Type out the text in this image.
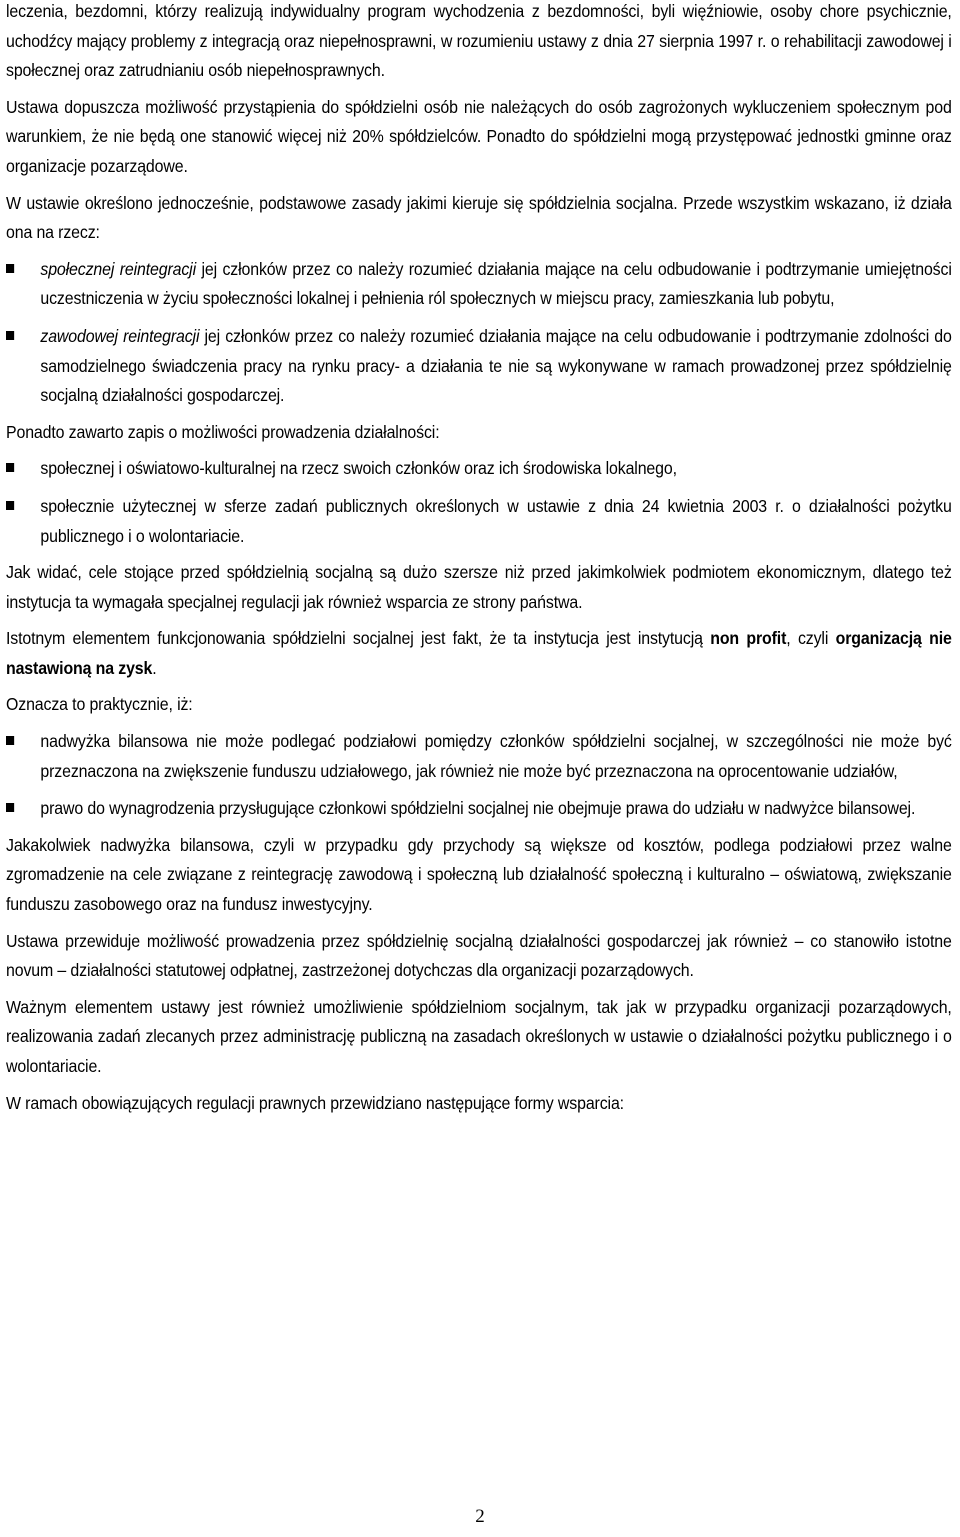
leczenia, bezdomni, którzy realizują indywidualny program wychodzenia z bezdomności, byli więźniowie, osoby chore psychicznie, uchodźcy mający problemy z integracją oraz niepełnosprawni, w rozumieniu ustawy z dnia 27 sierpnia 1997 r. o rehabilitacji zawodowej i społecznej oraz zatrudnianiu osób niepełnosprawnych.

Ustawa dopuszcza możliwość przystąpienia do spółdzielni osób nie należących do osób zagrożonych wykluczeniem społecznym pod warunkiem, że nie będą one stanowić więcej niż 20% spółdzielców. Ponadto do spółdzielni mogą przystępować jednostki gminne oraz organizacje pozarządowe.

W ustawie określono jednocześnie, podstawowe zasady jakimi kieruje się spółdzielnia socjalna. Przede wszystkim wskazano, iż działa ona na rzecz:

społecznej reintegracji jej członków przez co należy rozumieć działania mające na celu odbudowanie i podtrzymanie umiejętności uczestniczenia w życiu społeczności lokalnej i pełnienia ról społecznych w miejscu pracy, zamieszkania lub pobytu,
zawodowej reintegracji jej członków przez co należy rozumieć działania mające na celu odbudowanie i podtrzymanie zdolności do samodzielnego świadczenia pracy na rynku pracy- a działania te nie są wykonywane w ramach prowadzonej przez spółdzielnię socjalną działalności gospodarczej.

Ponadto zawarto zapis o możliwości prowadzenia działalności:

społecznej i oświatowo-kulturalnej na rzecz swoich członków oraz ich środowiska lokalnego,
społecznie użytecznej w sferze zadań publicznych określonych w ustawie z dnia 24 kwietnia 2003 r. o działalności pożytku publicznego i o wolontariacie.

Jak widać, cele stojące przed spółdzielnią socjalną są dużo szersze niż przed jakimkolwiek podmiotem ekonomicznym, dlatego też instytucja ta wymagała specjalnej regulacji jak również wsparcia ze strony państwa.

Istotnym elementem funkcjonowania spółdzielni socjalnej jest fakt, że ta instytucja jest instytucją non profit, czyli organizacją nie nastawioną na zysk.

Oznacza to praktycznie, iż:

nadwyżka bilansowa nie może podlegać podziałowi pomiędzy członków spółdzielni socjalnej, w szczególności nie może być przeznaczona na zwiększenie funduszu udziałowego, jak również nie może być przeznaczona na oprocentowanie udziałów,
prawo do wynagrodzenia przysługujące członkowi spółdzielni socjalnej nie obejmuje prawa do udziału w nadwyżce bilansowej.

Jakakolwiek nadwyżka bilansowa, czyli w przypadku gdy przychody są większe od kosztów, podlega podziałowi przez walne zgromadzenie na cele związane z reintegrację zawodową i społeczną lub działalność społeczną i kulturalno – oświatową, zwiększanie funduszu zasobowego oraz na fundusz inwestycyjny.

Ustawa przewiduje możliwość prowadzenia przez spółdzielnię socjalną działalności gospodarczej jak również – co stanowiło istotne novum – działalności statutowej odpłatnej, zastrzeżonej dotychczas dla organizacji pozarządowych.

Ważnym elementem ustawy jest również umożliwienie spółdzielniom socjalnym, tak jak w przypadku organizacji pozarządowych, realizowania zadań zlecanych przez administrację publiczną na zasadach określonych w ustawie o działalności pożytku publicznego i o wolontariacie.

W ramach obowiązujących regulacji prawnych przewidziano następujące formy wsparcia:

2
